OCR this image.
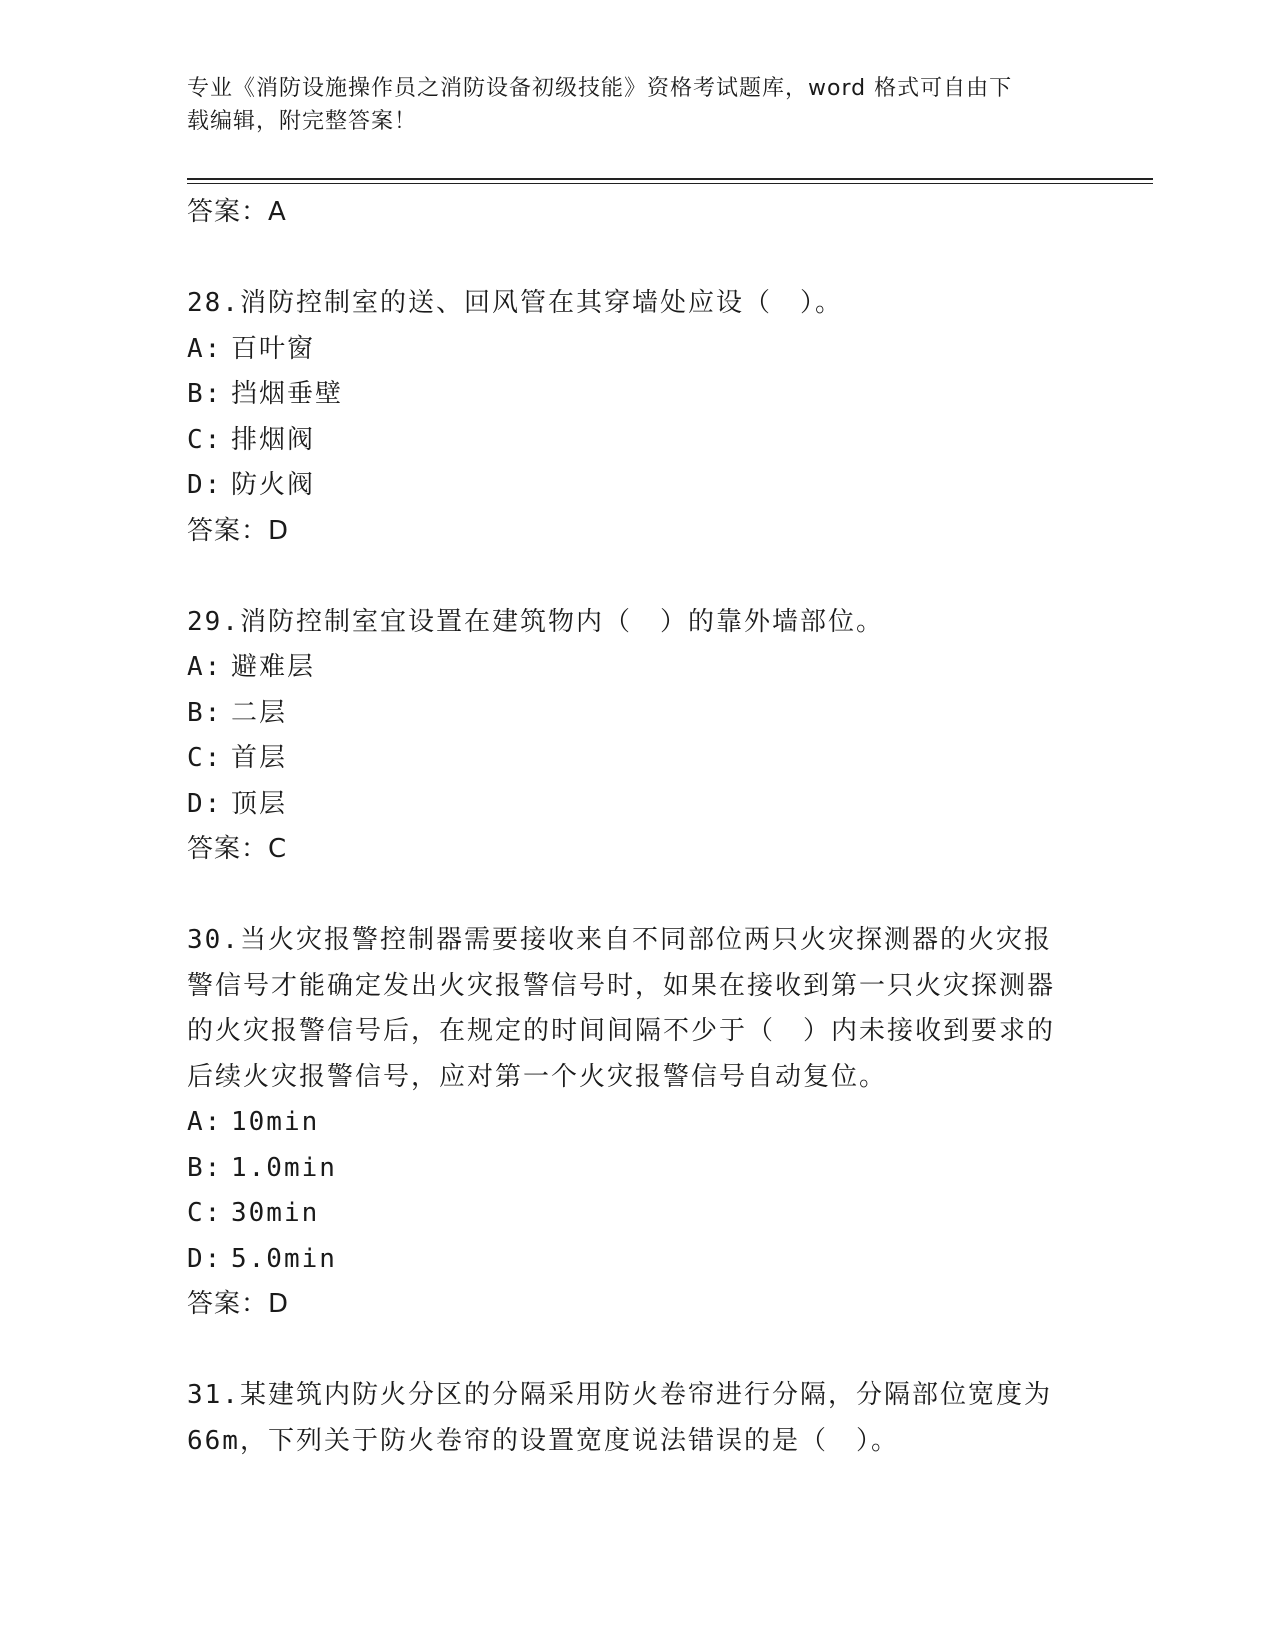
专业《消防设施操作员之消防设备初级技能》资格考试题库，word 格式可自由下
载编辑，附完整答案！
答案：A
28.消防控制室的送、回风管在其穿墙处应设（　）。
A: 百叶窗
B: 挡烟垂壁
C: 排烟阀
D: 防火阀
答案：D
29.消防控制室宜设置在建筑物内（　）的靠外墙部位。
A: 避难层
B: 二层
C: 首层
D: 顶层
答案：C
30.当火灾报警控制器需要接收来自不同部位两只火灾探测器的火灾报警信号才能确定发出火灾报警信号时，如果在接收到第一只火灾探测器的火灾报警信号后，在规定的时间间隔不少于（　）内未接收到要求的后续火灾报警信号，应对第一个火灾报警信号自动复位。
A: 10min
B: 1.0min
C: 30min
D: 5.0min
答案：D
31.某建筑内防火分区的分隔采用防火卷帘进行分隔，分隔部位宽度为66m，下列关于防火卷帘的设置宽度说法错误的是（　）。
